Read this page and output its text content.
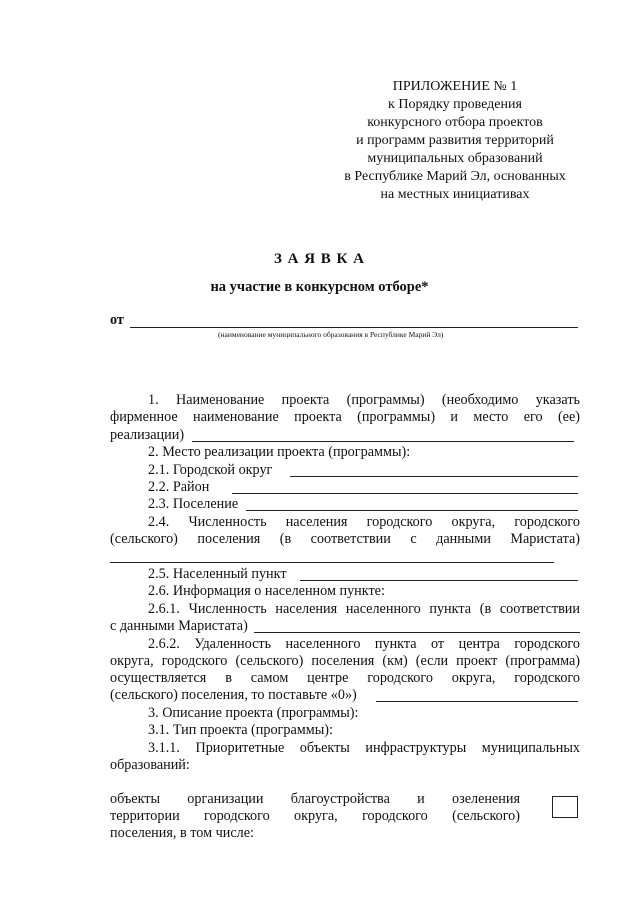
ПРИЛОЖЕНИЕ № 1
к Порядку проведения
конкурсного отбора проектов
и программ развития территорий
муниципальных образований
в Республике Марий Эл, основанных
на местных инициативах
З А Я В К А
на участие в конкурсном отборе*
от
(наименование муниципального образования в Республике Марий Эл)
1. Наименование проекта (программы) (необходимо указать
фирменное наименование проекта (программы) и место его (ее)
реализации)
2. Место реализации проекта (программы):
2.1. Городской округ
2.2. Район
2.3. Поселение
2.4. Численность населения городского округа, городского
(сельского) поселения (в соответствии с данными Маристата)
2.5. Населенный пункт
2.6. Информация о населенном пункте:
2.6.1. Численность населения населенного пункта (в соответствии
с данными Маристата)
2.6.2. Удаленность населенного пункта от центра городского
округа, городского (сельского) поселения (км) (если проект (программа)
осуществляется в самом центре городского округа, городского
(сельского) поселения, то поставьте «0»)
3. Описание проекта (программы):
3.1. Тип проекта (программы):
3.1.1. Приоритетные объекты инфраструктуры муниципальных
образований:
объекты организации благоустройства и озеленения
территории городского округа, городского (сельского)
поселения, в том числе:
